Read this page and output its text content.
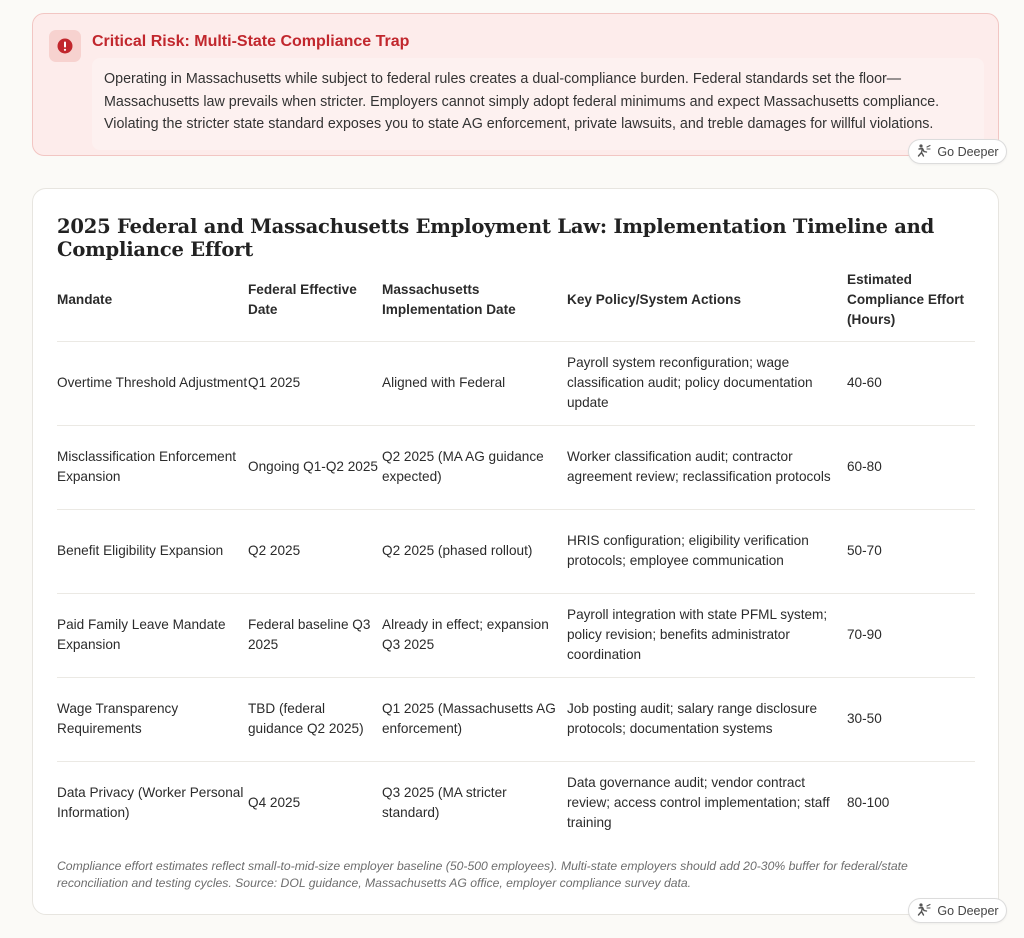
Critical Risk: Multi-State Compliance Trap
Operating in Massachusetts while subject to federal rules creates a dual-compliance burden. Federal standards set the floor—Massachusetts law prevails when stricter. Employers cannot simply adopt federal minimums and expect Massachusetts compliance. Violating the stricter state standard exposes you to state AG enforcement, private lawsuits, and treble damages for willful violations.
Go Deeper
2025 Federal and Massachusetts Employment Law: Implementation Timeline and Compliance Effort
Mandate	Federal Effective Date	Massachusetts Implementation Date	Key Policy/System Actions	Estimated Compliance Effort (Hours)
Overtime Threshold Adjustment	Q1 2025	Aligned with Federal	Payroll system reconfiguration; wage classification audit; policy documentation update	40-60
Misclassification Enforcement Expansion	Ongoing Q1-Q2 2025	Q2 2025 (MA AG guidance expected)	Worker classification audit; contractor agreement review; reclassification protocols	60-80
Benefit Eligibility Expansion	Q2 2025	Q2 2025 (phased rollout)	HRIS configuration; eligibility verification protocols; employee communication	50-70
Paid Family Leave Mandate Expansion	Federal baseline Q3 2025	Already in effect; expansion Q3 2025	Payroll integration with state PFML system; policy revision; benefits administrator coordination	70-90
Wage Transparency Requirements	TBD (federal guidance Q2 2025)	Q1 2025 (Massachusetts AG enforcement)	Job posting audit; salary range disclosure protocols; documentation systems	30-50
Data Privacy (Worker Personal Information)	Q4 2025	Q3 2025 (MA stricter standard)	Data governance audit; vendor contract review; access control implementation; staff training	80-100
Compliance effort estimates reflect small-to-mid-size employer baseline (50-500 employees). Multi-state employers should add 20-30% buffer for federal/state reconciliation and testing cycles. Source: DOL guidance, Massachusetts AG office, employer compliance survey data.
Go Deeper
